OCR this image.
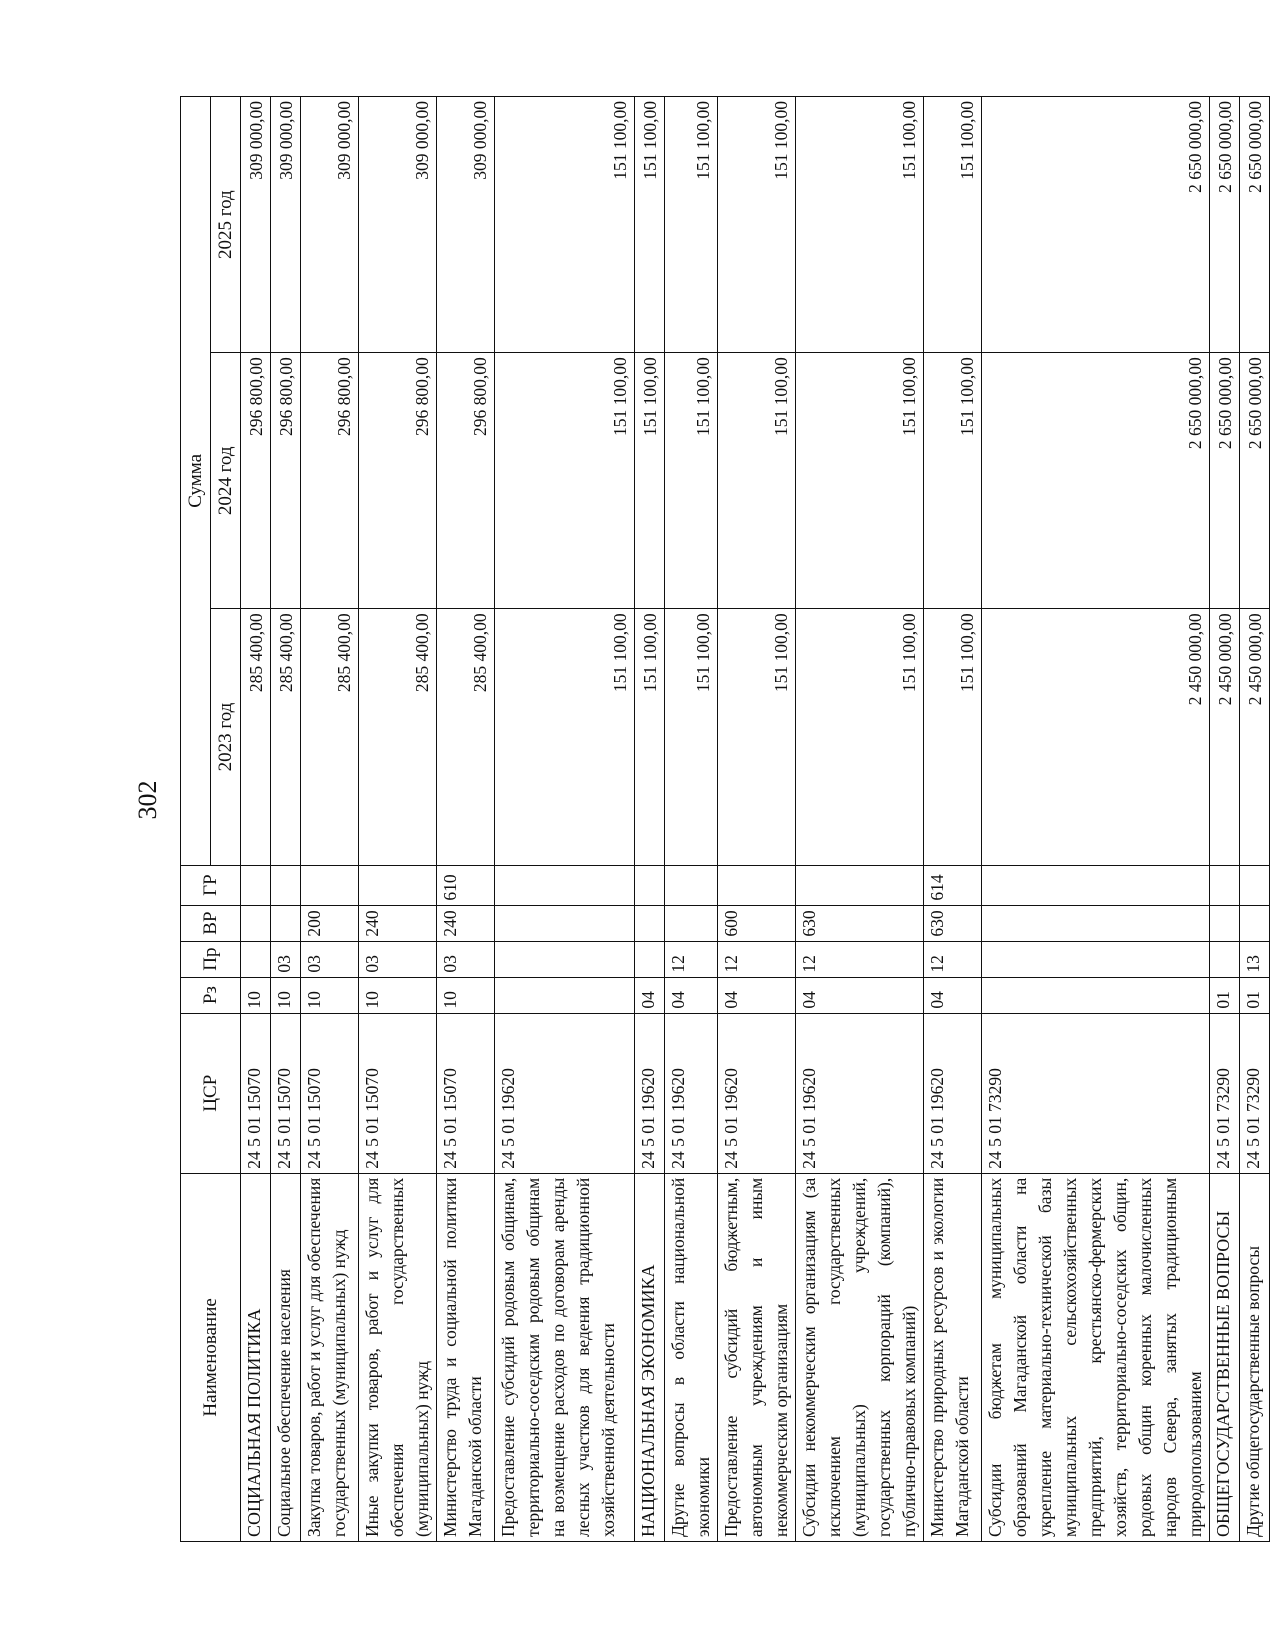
302
Наименование	ЦСР	Рз	Пр	ВР	ГР	Сумма		
						2023 год	2024 год	2025 год
СОЦИАЛЬНАЯ ПОЛИТИКА	24 5 01 15070	10				285 400,00	296 800,00	309 000,00
Социальное обеспечение населения	24 5 01 15070	10	03			285 400,00	296 800,00	309 000,00
Закупка товаров, работ и услуг для обеспечения государственных (муниципальных) нужд	24 5 01 15070	10	03	200		285 400,00	296 800,00	309 000,00
Иные закупки товаров, работ и услуг для обеспечения государственных (муниципальных) нужд	24 5 01 15070	10	03	240		285 400,00	296 800,00	309 000,00
Министерство труда и социальной политики Магаданской области	24 5 01 15070	10	03	240	610	285 400,00	296 800,00	309 000,00
Предоставление субсидий родовым общинам, территориально-соседским родовым общинам на возмещение расходов по договорам аренды лесных участков для ведения традиционной хозяйственной деятельности	24 5 01 19620					151 100,00	151 100,00	151 100,00
НАЦИОНАЛЬНАЯ ЭКОНОМИКА	24 5 01 19620	04				151 100,00	151 100,00	151 100,00
Другие вопросы в области национальной экономики	24 5 01 19620	04	12			151 100,00	151 100,00	151 100,00
Предоставление субсидий бюджетным, автономным учреждениям и иным некоммерческим организациям	24 5 01 19620	04	12	600		151 100,00	151 100,00	151 100,00
Субсидии некоммерческим организациям (за исключением государственных (муниципальных) учреждений, государственных корпораций (компаний), публично-правовых компаний)	24 5 01 19620	04	12	630		151 100,00	151 100,00	151 100,00
Министерство природных ресурсов и экологии Магаданской области	24 5 01 19620	04	12	630	614	151 100,00	151 100,00	151 100,00
Субсидии бюджетам муниципальных образований Магаданской области на укрепление материально-технической базы муниципальных сельскохозяйственных предприятий, крестьянско-фермерских хозяйств, территориально-соседских общин, родовых общин коренных малочисленных народов Севера, занятых традиционным природопользованием	24 5 01 73290					2 450 000,00	2 650 000,00	2 650 000,00
ОБЩЕГОСУДАРСТВЕННЫЕ ВОПРОСЫ	24 5 01 73290	01				2 450 000,00	2 650 000,00	2 650 000,00
Другие общегосударственные вопросы	24 5 01 73290	01	13			2 450 000,00	2 650 000,00	2 650 000,00
